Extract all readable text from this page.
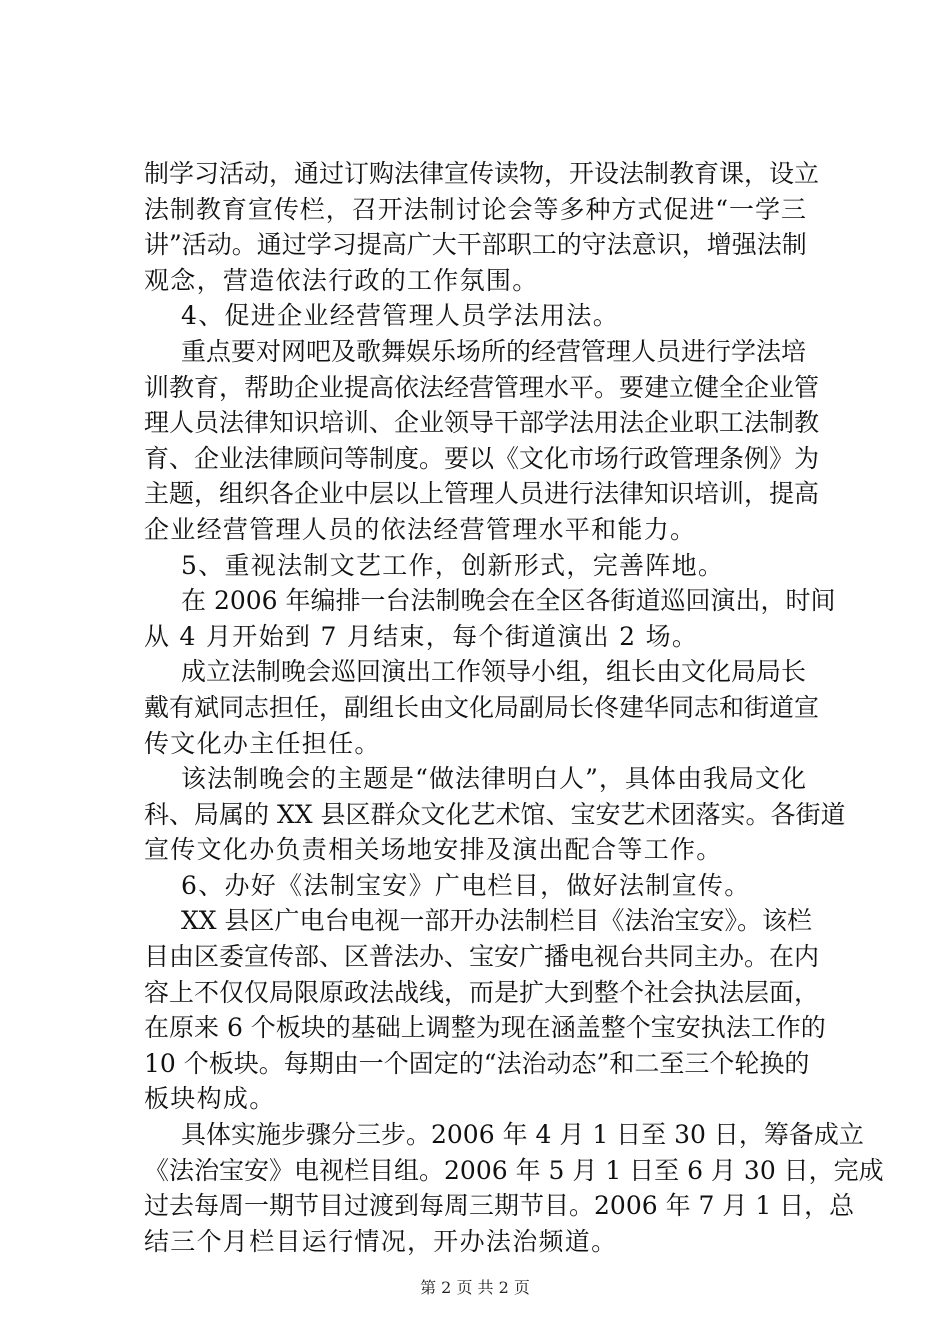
制学习活动，通过订购法律宣传读物，开设法制教育课，设立
法制教育宣传栏，召开法制讨论会等多种方式促进“一学三
讲”活动。通过学习提高广大干部职工的守法意识，增强法制
观念，营造依法行政的工作氛围。
4、促进企业经营管理人员学法用法。
重点要对网吧及歌舞娱乐场所的经营管理人员进行学法培
训教育，帮助企业提高依法经营管理水平。要建立健全企业管
理人员法律知识培训、企业领导干部学法用法企业职工法制教
育、企业法律顾问等制度。要以《文化市场行政管理条例》为
主题，组织各企业中层以上管理人员进行法律知识培训，提高
企业经营管理人员的依法经营管理水平和能力。
5、重视法制文艺工作，创新形式，完善阵地。
在 2006 年编排一台法制晚会在全区各街道巡回演出，时间
从 4 月开始到 7 月结束，每个街道演出 2 场。
成立法制晚会巡回演出工作领导小组，组长由文化局局长
戴有斌同志担任，副组长由文化局副局长佟建华同志和街道宣
传文化办主任担任。
该法制晚会的主题是“做法律明白人”，具体由我局文化
科、局属的 XX 县区群众文化艺术馆、宝安艺术团落实。各街道
宣传文化办负责相关场地安排及演出配合等工作。
6、办好《法制宝安》广电栏目，做好法制宣传。
XX 县区广电台电视一部开办法制栏目《法治宝安》。该栏
目由区委宣传部、区普法办、宝安广播电视台共同主办。在内
容上不仅仅局限原政法战线，而是扩大到整个社会执法层面，
在原来 6 个板块的基础上调整为现在涵盖整个宝安执法工作的
10 个板块。每期由一个固定的“法治动态”和二至三个轮换的
板块构成。
具体实施步骤分三步。2006 年 4 月 1 日至 30 日，筹备成立
《法治宝安》电视栏目组。2006 年 5 月 1 日至 6 月 30 日，完成
过去每周一期节目过渡到每周三期节目。2006 年 7 月 1 日，总
结三个月栏目运行情况，开办法治频道。
第 2 页 共 2 页
